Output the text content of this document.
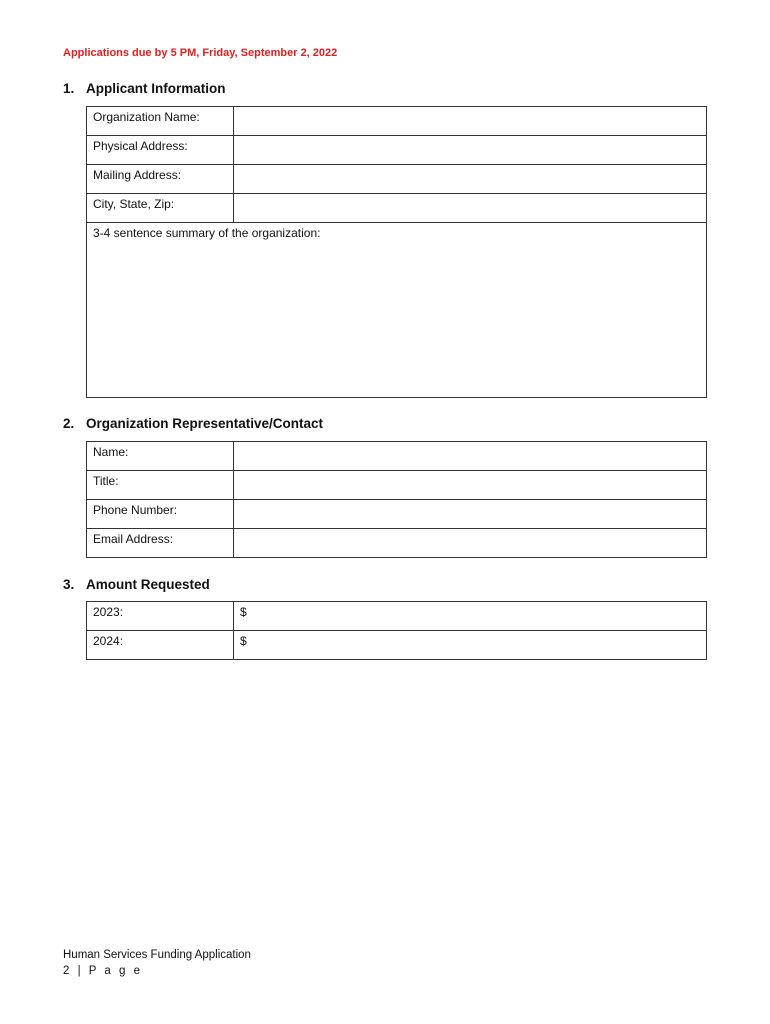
Applications due by 5 PM, Friday, September 2, 2022
1. Applicant Information
Organization Name:	
Physical Address:	
Mailing Address:	
City, State, Zip:	
3-4 sentence summary of the organization:	
2. Organization Representative/Contact
Name:	
Title:	
Phone Number:	
Email Address:	
3. Amount Requested
2023:	$
2024:	$
Human Services Funding Application
2 | P a g e
